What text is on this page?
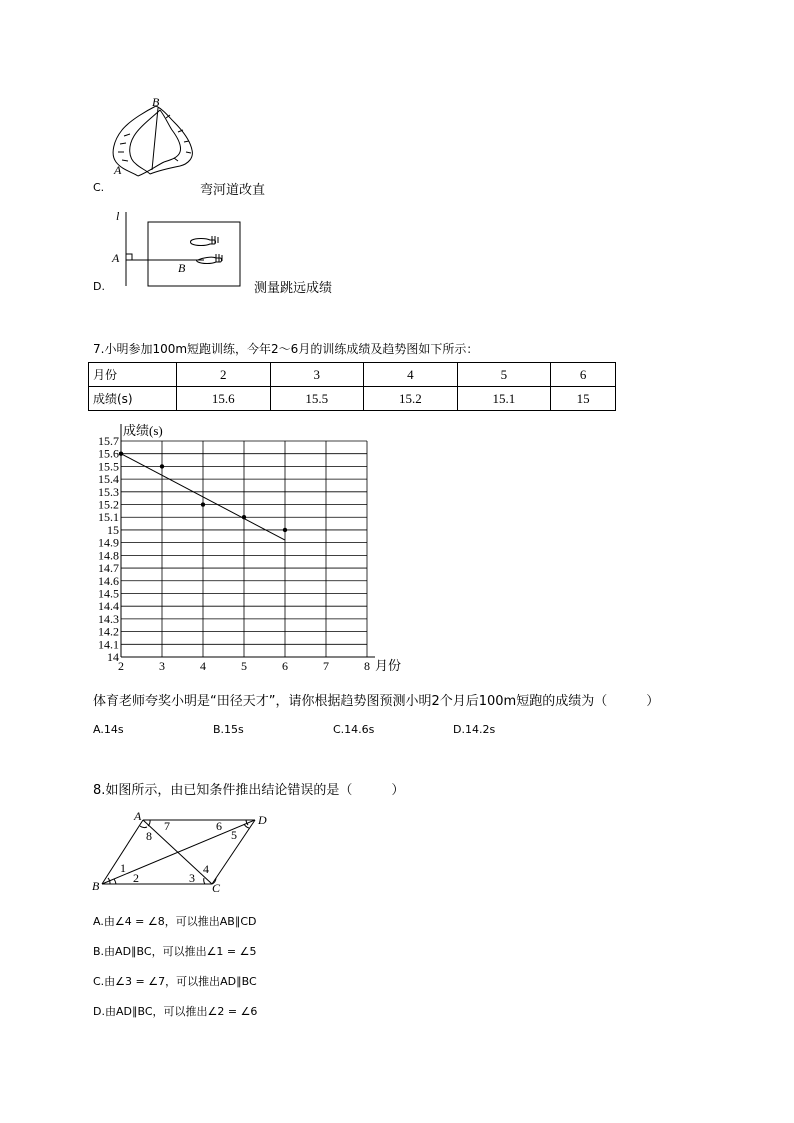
B
A
C.	弯河道改直
l
A
B
D.	测量跳远成绩
7.小明参加100m短跑训练，今年2～6月的训练成绩及趋势图如下所示：
月份	2	3	4	5	6
成绩(s)	15.6	15.5	15.2	15.1	15
15.7
15.6
15.5
15.4
15.3
15.2
15.1
15
14.9
14.8
14.7
14.6
14.5
14.4
14.3
14.2
14.1
14
2	3	4	5	6	7	8
成绩(s)
月份
体育老师夸奖小明是“田径天才”，请你根据趋势图预测小明2个月后100m短跑的成绩为（　　　）
A.14s	B.15s	C.14.6s	D.14.2s
8.如图所示，由已知条件推出结论错误的是（　　　）
A	D
B	C
1
2	3
4
5
6
7
8
A.由∠4 = ∠8，可以推出AB∥CD
B.由AD∥BC，可以推出∠1 = ∠5
C.由∠3 = ∠7，可以推出AD∥BC
D.由AD∥BC，可以推出∠2 = ∠6
